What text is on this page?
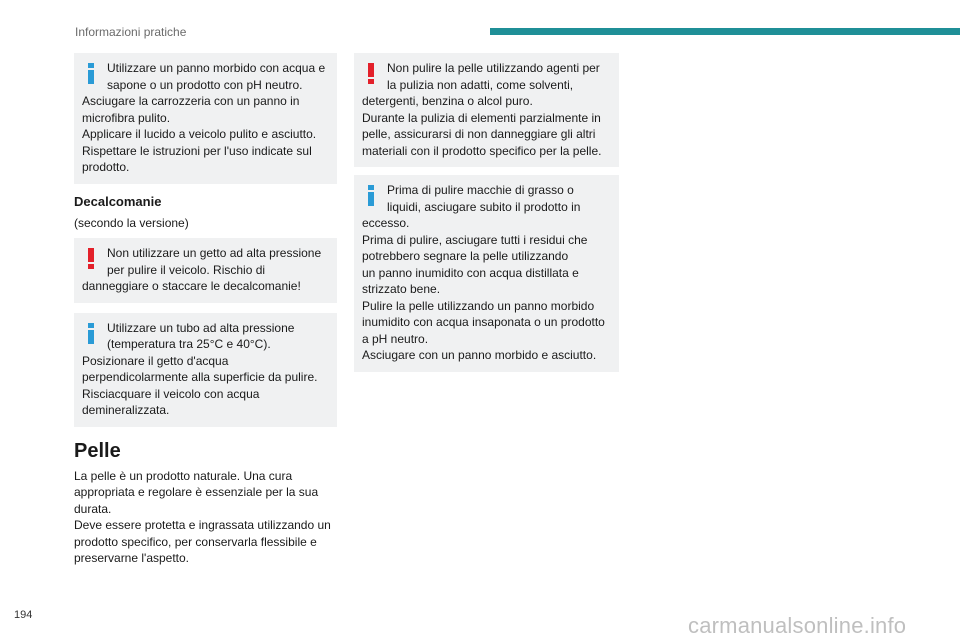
Informazioni pratiche
Utilizzare un panno morbido con acqua e
sapone o un prodotto con pH neutro.
Asciugare la carrozzeria con un panno in
microfibra pulito.
Applicare il lucido a veicolo pulito e asciutto.
Rispettare le istruzioni per l'uso indicate sul
prodotto.
Decalcomanie
(secondo la versione)
Non utilizzare un getto ad alta pressione
per pulire il veicolo. Rischio di
danneggiare o staccare le decalcomanie!
Utilizzare un tubo ad alta pressione
(temperatura tra 25°C e 40°C).
Posizionare il getto d'acqua
perpendicolarmente alla superficie da pulire.
Risciacquare il veicolo con acqua
demineralizzata.
Pelle
La pelle è un prodotto naturale. Una cura
appropriata e regolare è essenziale per la sua
durata.
Deve essere protetta e ingrassata utilizzando un
prodotto specifico, per conservarla flessibile e
preservarne l'aspetto.
Non pulire la pelle utilizzando agenti per
la pulizia non adatti, come solventi,
detergenti, benzina o alcol puro.
Durante la pulizia di elementi parzialmente in
pelle, assicurarsi di non danneggiare gli altri
materiali con il prodotto specifico per la pelle.
Prima di pulire macchie di grasso o
liquidi, asciugare subito il prodotto in
eccesso.
Prima di pulire, asciugare tutti i residui che
potrebbero segnare la pelle utilizzando
un panno inumidito con acqua distillata e
strizzato bene.
Pulire la pelle utilizzando un panno morbido
inumidito con acqua insaponata o un prodotto
a pH neutro.
Asciugare con un panno morbido e asciutto.
194	carmanualsonline.info
